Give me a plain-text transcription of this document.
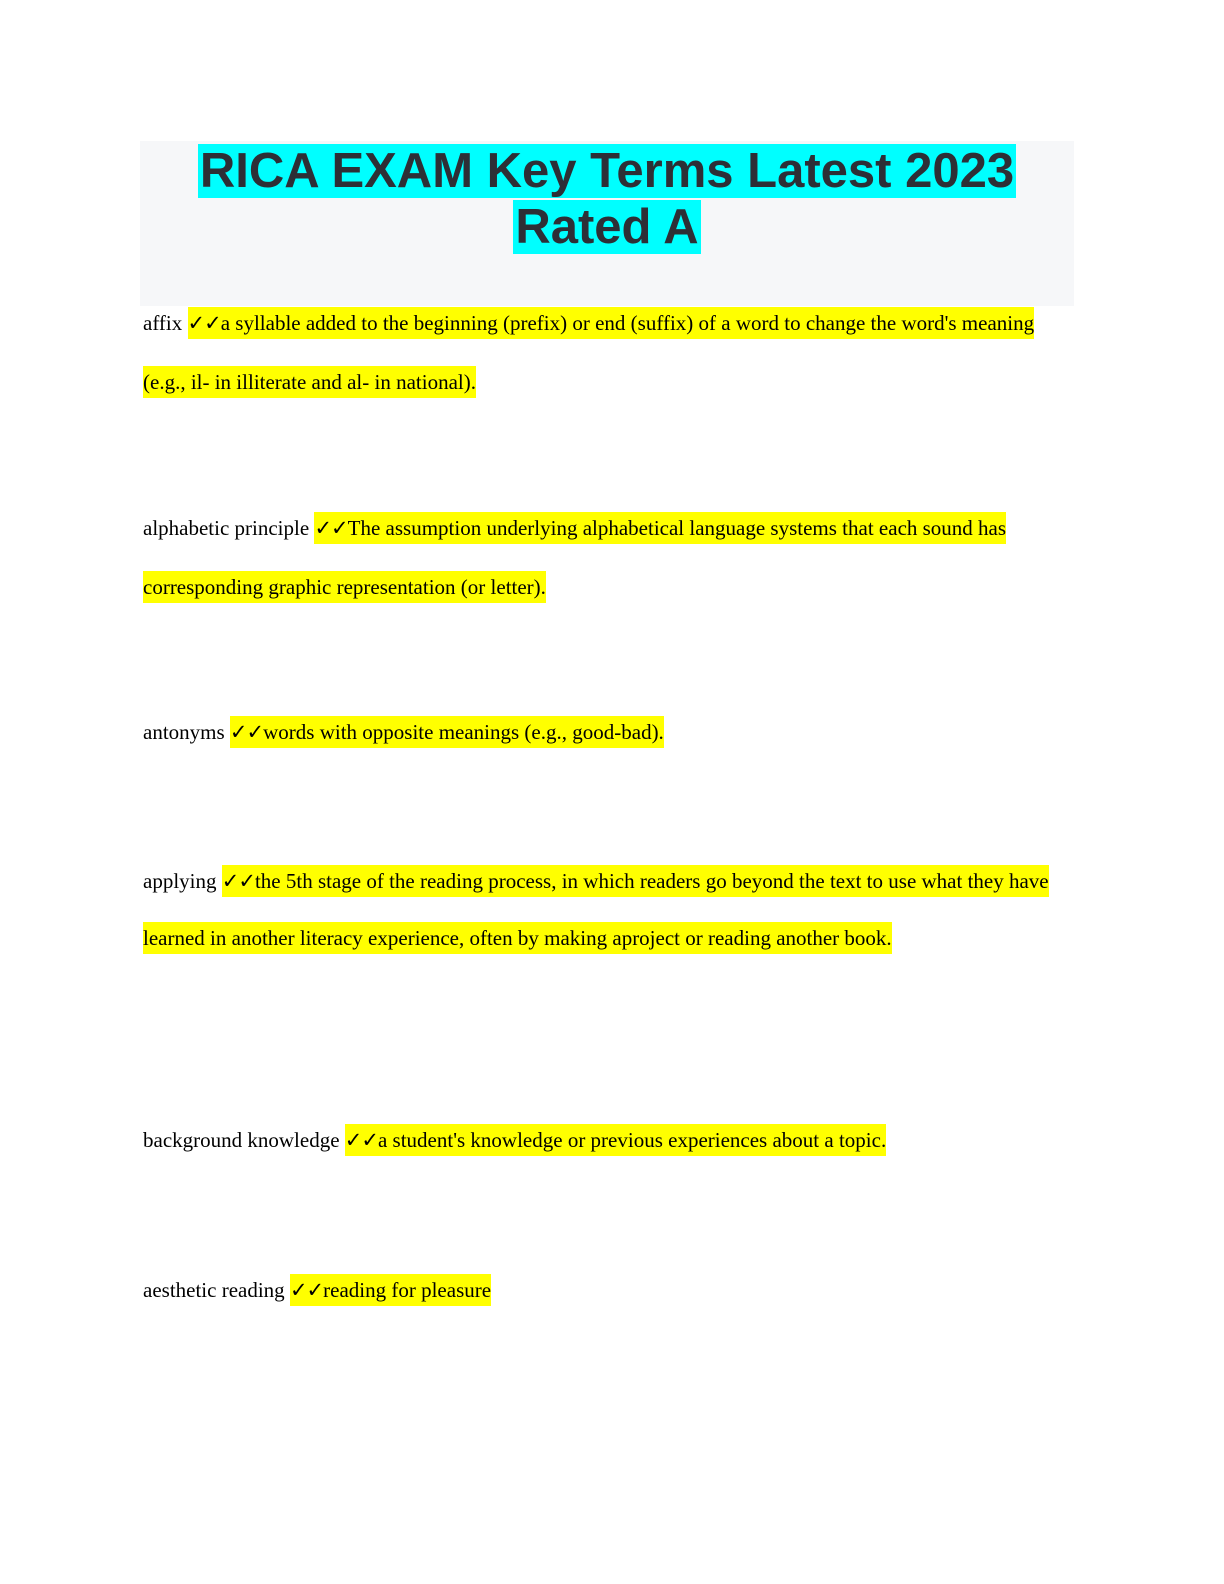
RICA EXAM Key Terms Latest 2023
Rated A

affix ✓✓a syllable added to the beginning (prefix) or end (suffix) of a word to change the word's meaning (e.g., il- in illiterate and al- in national).

alphabetic principle ✓✓The assumption underlying alphabetical language systems that each sound has corresponding graphic representation (or letter).

antonyms ✓✓words with opposite meanings (e.g., good-bad).

applying ✓✓the 5th stage of the reading process, in which readers go beyond the text to use what they have learned in another literacy experience, often by making aproject or reading another book.

background knowledge ✓✓a student's knowledge or previous experiences about a topic.

aesthetic reading ✓✓reading for pleasure
